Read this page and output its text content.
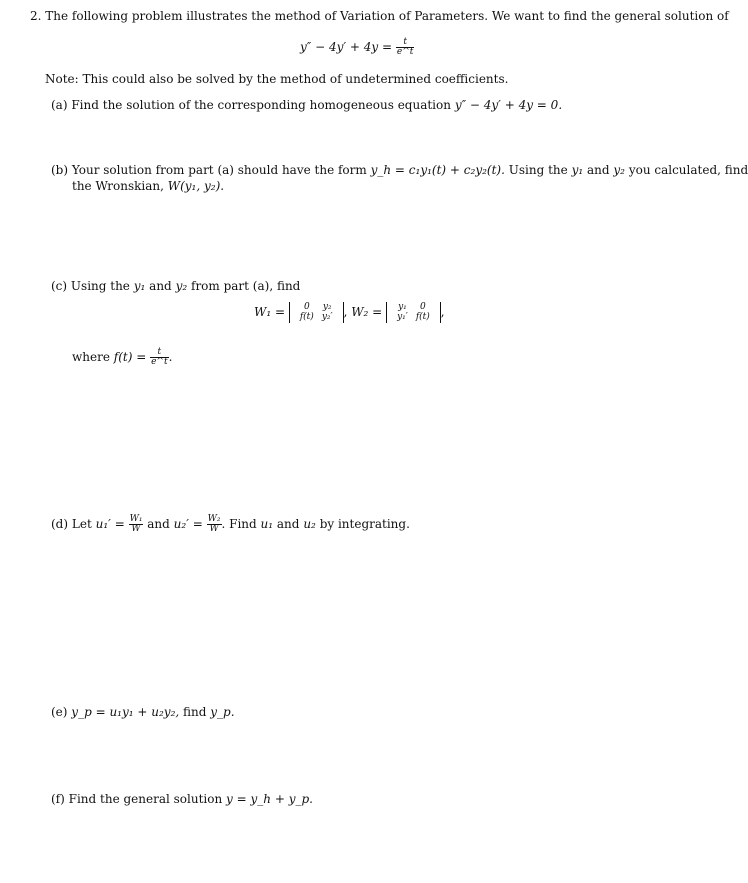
2. The following problem illustrates the method of Variation of Parameters. We want to find the general solution of
$y'' - 4y' + 4y = \frac{t}{e\^{}t}$
Note: This could also be solved by the method of undetermined coefficients.
(a) Find the solution of the corresponding homogeneous equation y″ − 4y′ + 4y = 0.
(b) Your solution from part (a) should have the form y_h = c₁y₁(t) + c₂y₂(t). Using the y₁ and y₂ you calculated, find
the Wronskian, W(y₁, y₂).
(c) Using the y₁ and y₂ from part (a), find
W₁ = 0	y₂
f(t)	y₂′ , W₂ = y₁	0
y₁′	f(t) ,
where $f(t) = \frac{t}{e\^{}t}$ .
(d) Let $u_1' = \frac{\text{W₁}}{W}$ and $u_2' = \frac{\text{W₂}}{W}$ . Find u₁ and u₂ by integrating.
(e) y_p = u₁y₁ + u₂y₂, find y_p.
(f) Find the general solution y = y_h + y_p.
